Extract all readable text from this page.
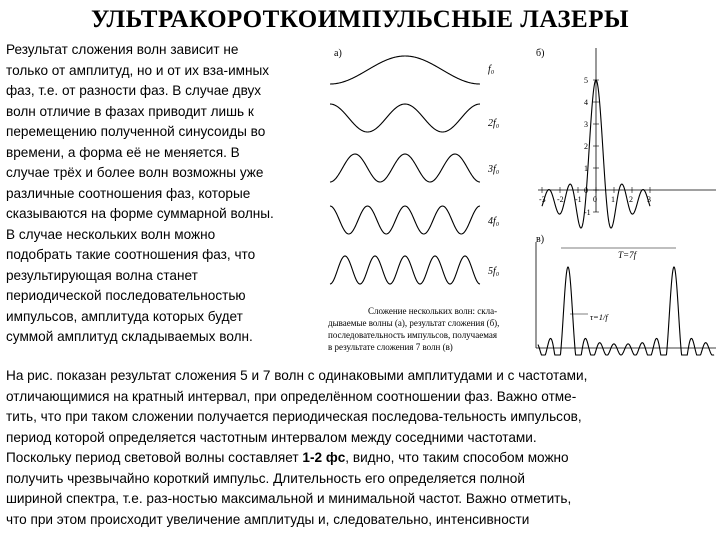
УЛЬТРАКОРОТКОИМПУЛЬСНЫЕ ЛАЗЕРЫ
Результат сложения волн зависит не
только от амплитуд, но и от их вза-имных
фаз, т.е. от разности фаз. В случае двух
волн отличие в фазах приводит лишь к
перемещению полученной синусоиды во
времени, а форма её не меняется. В
случае трёх и более волн возможны уже
различные соотношения фаз, которые
сказываются на форме суммарной волны.
В случае нескольких волн можно
подобрать такие соотношения фаз, что
результирующая волна станет
периодической последовательностью
импульсов, амплитуда которых будет
суммой амплитуд складываемых волн.
На рис. показан результат сложения 5 и 7 волн с одинаковыми амплитудами и с частотами,
отличающимися на кратный интервал, при определённом соотношении фаз. Важно отме-
тить, что при таком сложении получается периодическая последова-тельность импульсов,
период которой определяется частотным интервалом между соседними частотами.
Поскольку период световой волны составляет 1-2 фс, видно, что таким способом можно
получить чрезвычайно короткий импульс. Длительность его определяется полной
шириной спектра, т.е. раз-ностью максимальной и минимальной частот. Важно отметить,
что при этом происходит увеличение амплитуды и, следовательно, интенсивности
а)
f₀
2f₀
3f₀
4f₀
5f₀
б)
5
4
3
2
1
0
-1
-3 -2 -1 0 1 2 3
в)
T=7f
τ=1/f
Сложение нескольких волн: скла-
дываемые волны (а), результат сложения (б),
последовательность импульсов, получаемая
в результате сложения 7 волн (в)
